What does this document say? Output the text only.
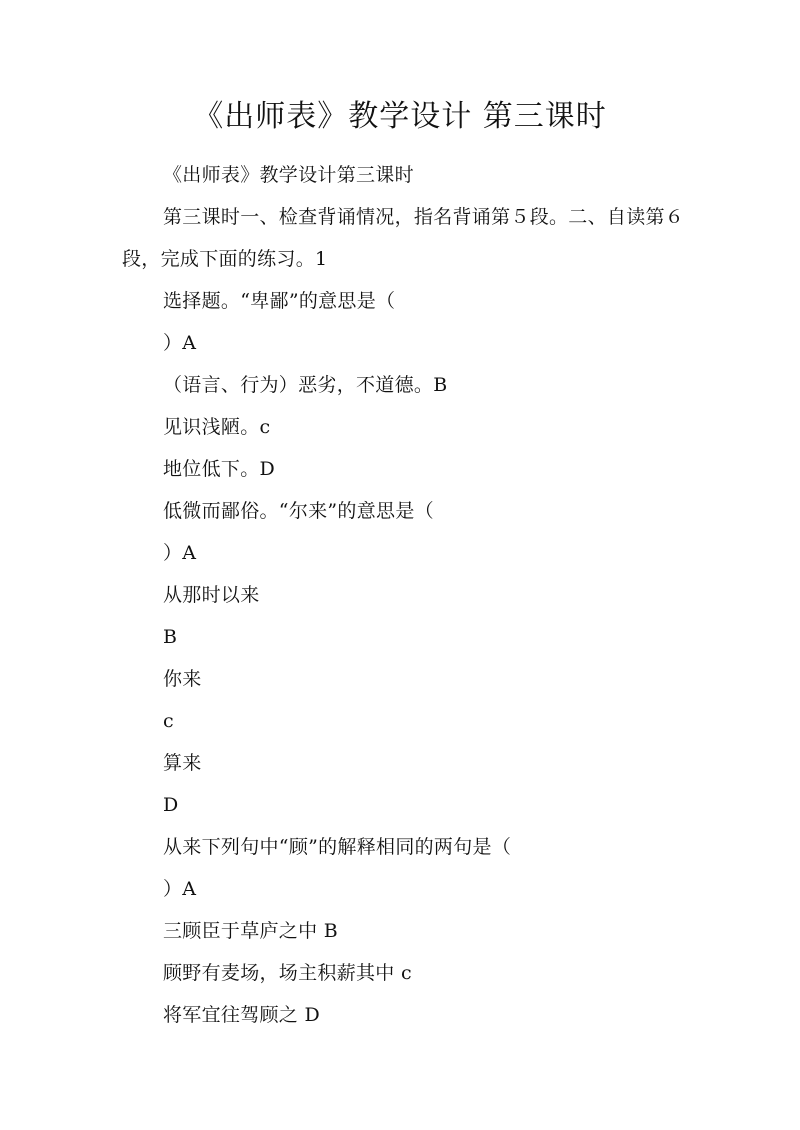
《出师表》教学设计 第三课时
《出师表》教学设计第三课时
第三课时一、检查背诵情况，指名背诵第５段。二、自读第６段，完成下面的练习。1
选择题。“卑鄙”的意思是（
）A
（语言、行为）恶劣，不道德。B
见识浅陋。c
地位低下。D
低微而鄙俗。“尔来”的意思是（
）A
从那时以来
B
你来
c
算来
D
从来下列句中“顾”的解释相同的两句是（
）A
三顾臣于草庐之中 B
顾野有麦场，场主积薪其中 c
将军宜往驾顾之 D
